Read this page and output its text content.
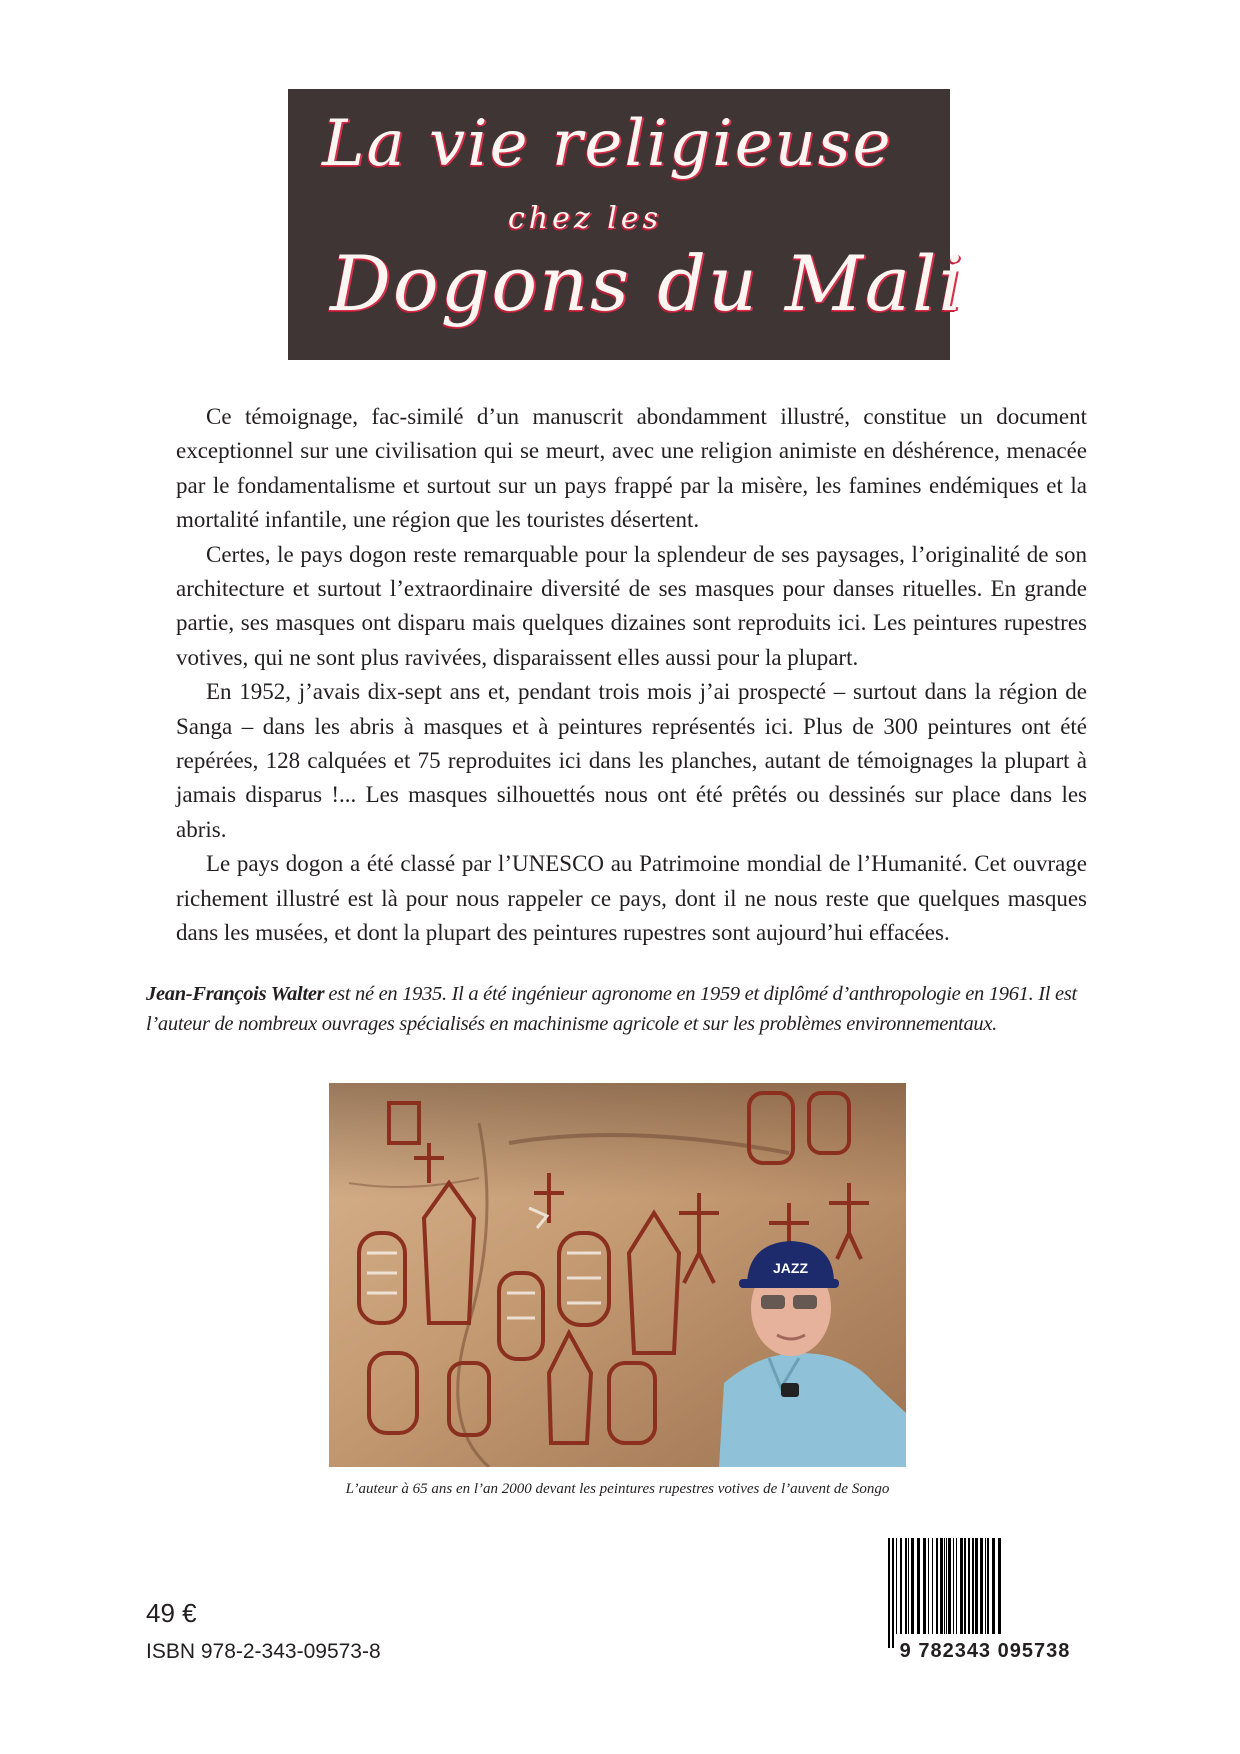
La vie religieuse
chez les
Dogons du Mali

Ce témoignage, fac-similé d’un manuscrit abondamment illustré, constitue un document exceptionnel sur une civilisation qui se meurt, avec une religion animiste en déshérence, menacée par le fondamentalisme et surtout sur un pays frappé par la misère, les famines endémiques et la mortalité infantile, une région que les touristes désertent.

Certes, le pays dogon reste remarquable pour la splendeur de ses paysages, l’originalité de son architecture et surtout l’extraordinaire diversité de ses masques pour danses rituelles. En grande partie, ses masques ont disparu mais quelques dizaines sont reproduits ici. Les peintures rupestres votives, qui ne sont plus ravivées, disparaissent elles aussi pour la plupart.

En 1952, j’avais dix-sept ans et, pendant trois mois j’ai prospecté – surtout dans la région de Sanga – dans les abris à masques et à peintures représentés ici. Plus de 300 peintures ont été repérées, 128 calquées et 75 reproduites ici dans les planches, autant de témoignages la plupart à jamais disparus !... Les masques silhouettés nous ont été prêtés ou dessinés sur place dans les abris.

Le pays dogon a été classé par l’UNESCO au Patrimoine mondial de l’Humanité. Cet ouvrage richement illustré est là pour nous rappeler ce pays, dont il ne nous reste que quelques masques dans les musées, et dont la plupart des peintures rupestres sont aujourd’hui effacées.

Jean-François Walter est né en 1935. Il a été ingénieur agronome en 1959 et diplômé d’anthropologie en 1961. Il est l’auteur de nombreux ouvrages spécialisés en machinisme agricole et sur les problèmes environnementaux.
JAZZ
L’auteur à 65 ans en l’an 2000 devant les peintures rupestres votives de l’auvent de Songo
49 €
ISBN 978-2-343-09573-8	9 782343 095738
